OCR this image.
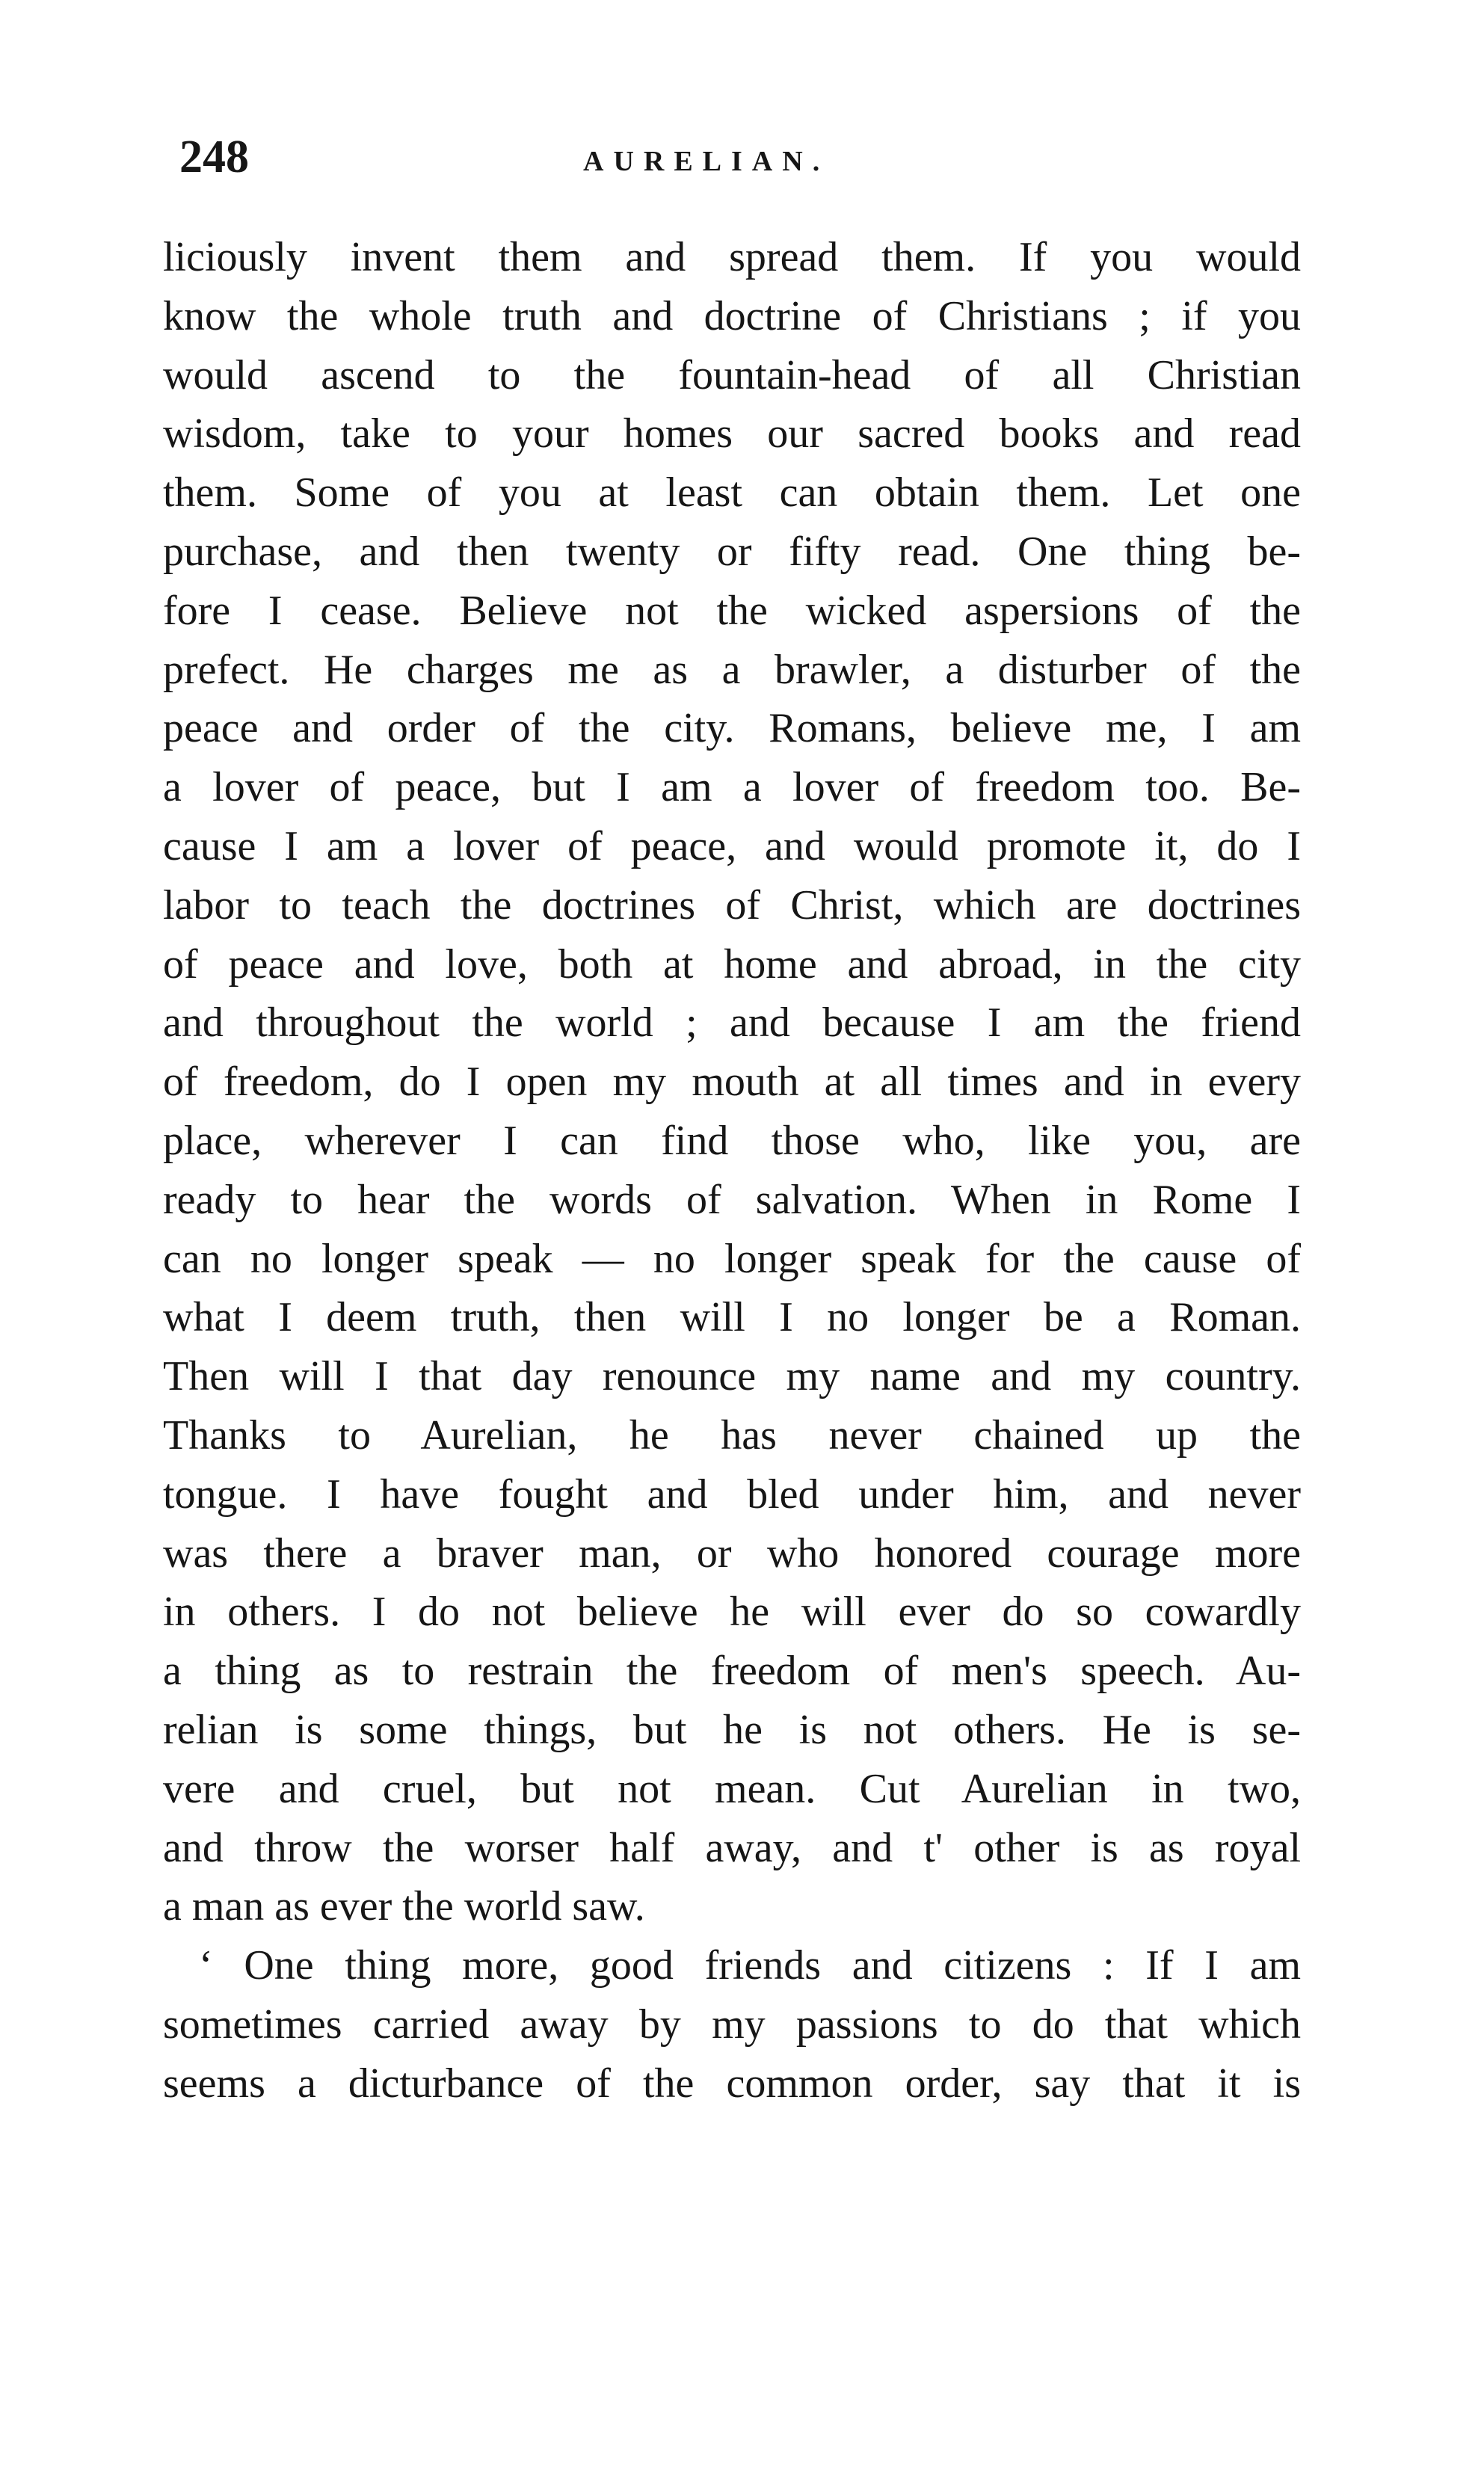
248	AURELIAN.
liciously invent them and spread them. If you would
know the whole truth and doctrine of Christians ; if you
would ascend to the fountain-head of all Christian
wisdom, take to your homes our sacred books and read
them. Some of you at least can obtain them. Let one
purchase, and then twenty or fifty read. One thing be-
fore I cease. Believe not the wicked aspersions of the
prefect. He charges me as a brawler, a disturber of the
peace and order of the city. Romans, believe me, I am
a lover of peace, but I am a lover of freedom too. Be-
cause I am a lover of peace, and would promote it, do I
labor to teach the doctrines of Christ, which are doctrines
of peace and love, both at home and abroad, in the city
and throughout the world ; and because I am the friend
of freedom, do I open my mouth at all times and in every
place, wherever I can find those who, like you, are
ready to hear the words of salvation. When in Rome I
can no longer speak — no longer speak for the cause of
what I deem truth, then will I no longer be a Roman.
Then will I that day renounce my name and my country.
Thanks to Aurelian, he has never chained up the
tongue. I have fought and bled under him, and never
was there a braver man, or who honored courage more
in others. I do not believe he will ever do so cowardly
a thing as to restrain the freedom of men's speech. Au-
relian is some things, but he is not others. He is se-
vere and cruel, but not mean. Cut Aurelian in two,
and throw the worser half away, and t' other is as royal
a man as ever the world saw.
‘ One thing more, good friends and citizens : If I am
sometimes carried away by my passions to do that which
seems a dicturbance of the common order, say that it is
